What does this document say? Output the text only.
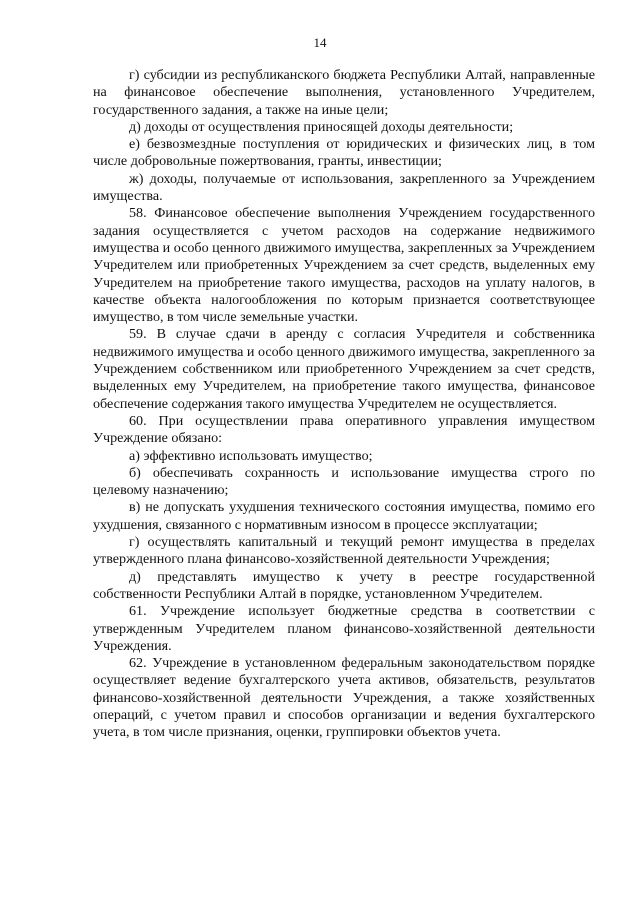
14

г) субсидии из республиканского бюджета Республики Алтай, направленные на финансовое обеспечение выполнения, установленного Учредителем, государственного задания, а также на иные цели;

д) доходы от осуществления приносящей доходы деятельности;

е) безвозмездные поступления от юридических и физических лиц, в том числе добровольные пожертвования, гранты, инвестиции;

ж) доходы, получаемые от использования, закрепленного за Учреждением имущества.

58. Финансовое обеспечение выполнения Учреждением государственного задания осуществляется с учетом расходов на содержание недвижимого имущества и особо ценного движимого имущества, закрепленных за Учреждением Учредителем или приобретенных Учреждением за счет средств, выделенных ему Учредителем на приобретение такого имущества, расходов на уплату налогов, в качестве объекта налогообложения по которым признается соответствующее имущество, в том числе земельные участки.

59. В случае сдачи в аренду с согласия Учредителя и собственника недвижимого имущества и особо ценного движимого имущества, закрепленного за Учреждением собственником или приобретенного Учреждением за счет средств, выделенных ему Учредителем, на приобретение такого имущества, финансовое обеспечение содержания такого имущества Учредителем не осуществляется.

60. При осуществлении права оперативного управления имуществом Учреждение обязано:

а) эффективно использовать имущество;

б) обеспечивать сохранность и использование имущества строго по целевому назначению;

в) не допускать ухудшения технического состояния имущества, помимо его ухудшения, связанного с нормативным износом в процессе эксплуатации;

г) осуществлять капитальный и текущий ремонт имущества в пределах утвержденного плана финансово-хозяйственной деятельности Учреждения;

д) представлять имущество к учету в реестре государственной собственности Республики Алтай в порядке, установленном Учредителем.

61. Учреждение использует бюджетные средства в соответствии с утвержденным Учредителем планом финансово-хозяйственной деятельности Учреждения.

62. Учреждение в установленном федеральным законодательством порядке осуществляет ведение бухгалтерского учета активов, обязательств, результатов финансово-хозяйственной деятельности Учреждения, а также хозяйственных операций, с учетом правил и способов организации и ведения бухгалтерского учета, в том числе признания, оценки, группировки объектов учета.
